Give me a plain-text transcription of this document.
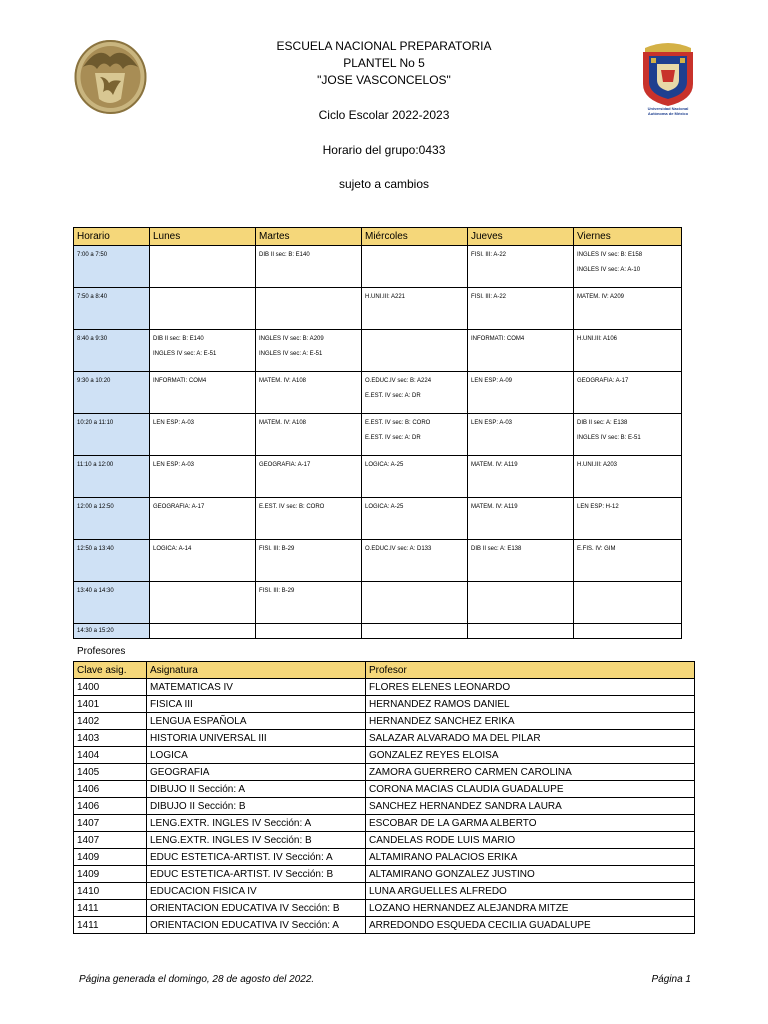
Universidad Nacional
Autónoma de México
ESCUELA NACIONAL PREPARATORIA
PLANTEL No 5
"JOSE VASCONCELOS"
Ciclo Escolar 2022-2023
Horario del grupo:0433
sujeto a cambios
Horario	Lunes	Martes	Miércoles	Jueves	Viernes
7:00 a 7:50		DIB II sec: B: E140		FISI. III: A-22	INGLES IV sec: B: E158
INGLES IV sec: A: A-10

7:50 a 8:40			H.UNI.III: A221	FISI. III: A-22	MATEM. IV: A209

8:40 a 9:30	DIB II sec: B: E140
INGLES IV sec: A: E-51	INGLES IV sec: B: A209
INGLES IV sec: A: E-51		INFORMATI: COM4	H.UNI.III: A106

9:30 a 10:20	INFORMATI: COM4	MATEM. IV: A108	O.EDUC.IV sec: B: A224
E.EST. IV sec: A: DR	LEN ESP: A-09	GEOGRAFIA: A-17

10:20 a 11:10	LEN ESP: A-03	MATEM. IV: A108	E.EST. IV sec: B: CORO
E.EST. IV sec: A: DR	LEN ESP: A-03	DIB II sec: A: E138
INGLES IV sec: B: E-51

11:10 a 12:00	LEN ESP: A-03	GEOGRAFIA: A-17	LOGICA: A-25	MATEM. IV: A119	H.UNI.III: A203

12:00 a 12:50	GEOGRAFIA: A-17	E.EST. IV sec: B: CORO	LOGICA: A-25	MATEM. IV: A119	LEN ESP: H-12

12:50 a 13:40	LOGICA: A-14	FISI. III: B-29	O.EDUC.IV sec: A: D133	DIB II sec: A: E138	E.FIS. IV: GIM

13:40 a 14:30		FISI. III: B-29			

14:30 a 15:20					
Profesores
Clave asig.	Asignatura	Profesor
1400	MATEMATICAS IV	FLORES ELENES LEONARDO
1401	FISICA III	HERNANDEZ RAMOS DANIEL
1402	LENGUA ESPAÑOLA	HERNANDEZ SANCHEZ ERIKA
1403	HISTORIA UNIVERSAL III	SALAZAR ALVARADO MA DEL PILAR
1404	LOGICA	GONZALEZ REYES ELOISA
1405	GEOGRAFIA	ZAMORA GUERRERO CARMEN CAROLINA
1406	DIBUJO II Sección: A	CORONA MACIAS CLAUDIA GUADALUPE
1406	DIBUJO II Sección: B	SANCHEZ HERNANDEZ SANDRA LAURA
1407	LENG.EXTR. INGLES IV Sección: A	ESCOBAR DE LA GARMA ALBERTO
1407	LENG.EXTR. INGLES IV Sección: B	CANDELAS RODE LUIS MARIO
1409	EDUC ESTETICA-ARTIST. IV Sección: A	ALTAMIRANO PALACIOS ERIKA
1409	EDUC ESTETICA-ARTIST. IV Sección: B	ALTAMIRANO GONZALEZ JUSTINO
1410	EDUCACION FISICA IV	LUNA ARGUELLES ALFREDO
1411	ORIENTACION EDUCATIVA IV Sección: B	LOZANO HERNANDEZ ALEJANDRA MITZE
1411	ORIENTACION EDUCATIVA IV Sección: A	ARREDONDO ESQUEDA CECILIA GUADALUPE
Página generada el domingo, 28 de agosto del 2022.	Página 1
